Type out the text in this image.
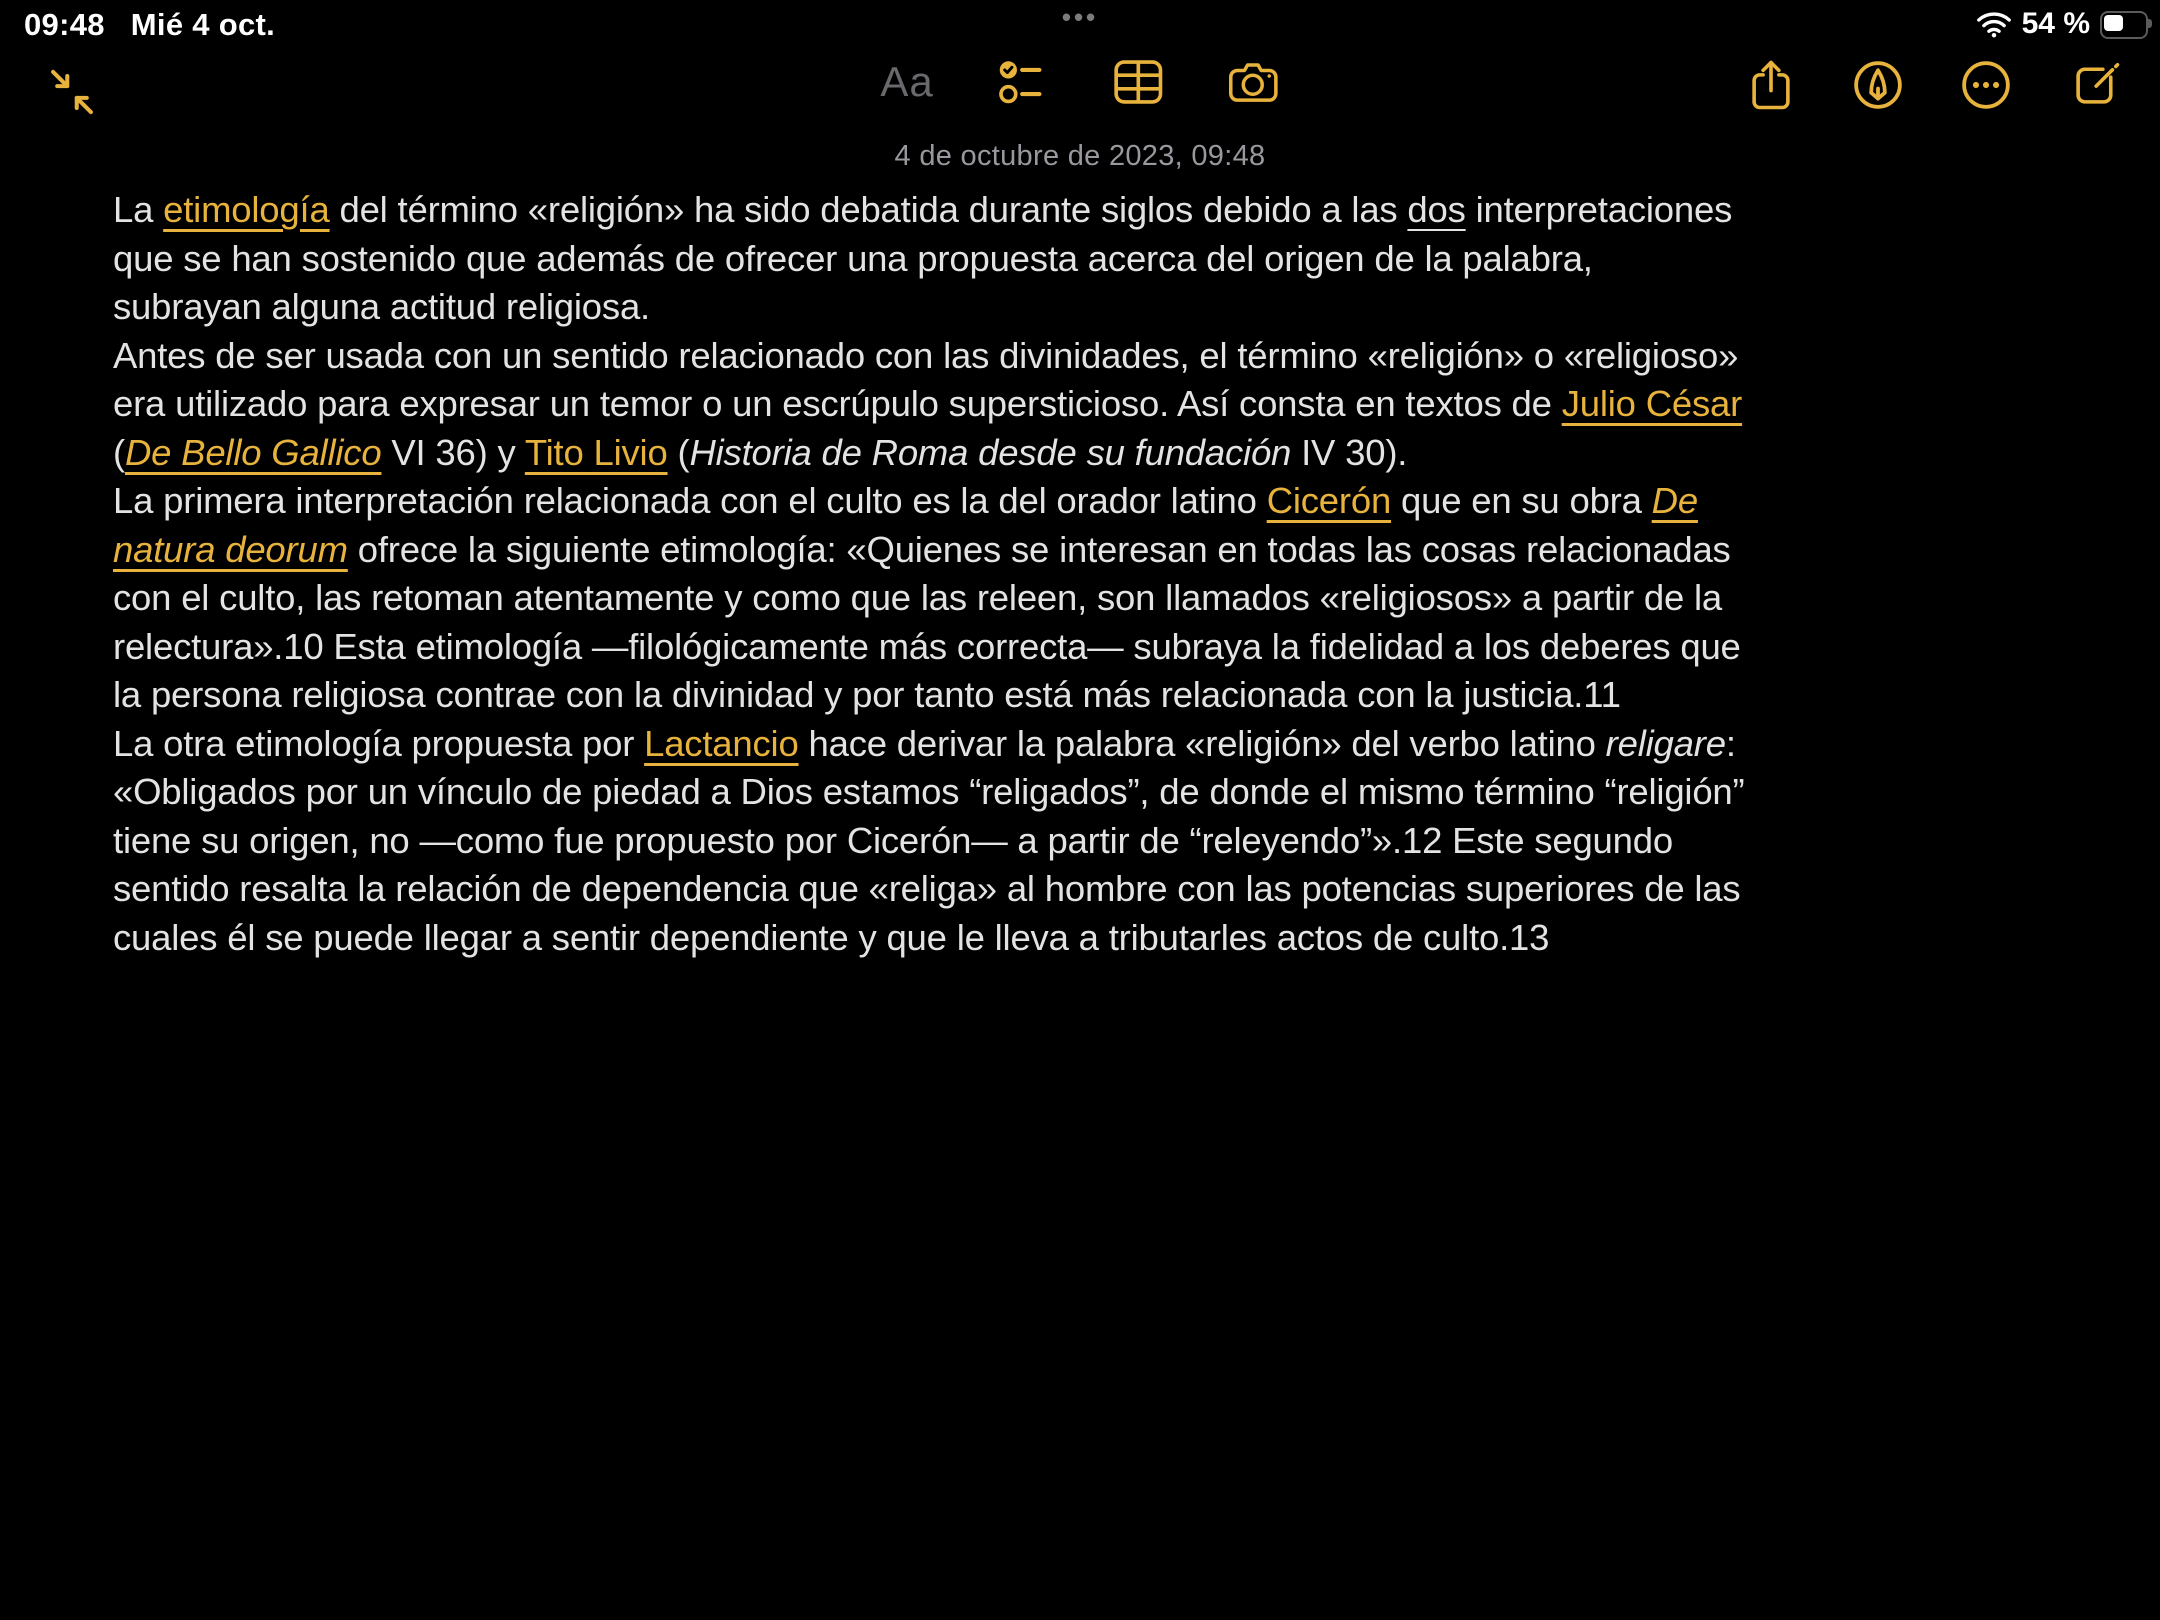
09:48 Mié 4 oct.	•••	54 %
Aa
4 de octubre de 2023, 09:48
La etimología del término «religión» ha sido debatida durante siglos debido a las dos interpretaciones que se han sostenido que además de ofrecer una propuesta acerca del origen de la palabra, subrayan alguna actitud religiosa.
Antes de ser usada con un sentido relacionado con las divinidades, el término «religión» o «religioso» era utilizado para expresar un temor o un escrúpulo supersticioso. Así consta en textos de Julio César (De Bello Gallico VI 36) y Tito Livio (Historia de Roma desde su fundación IV 30).
La primera interpretación relacionada con el culto es la del orador latino Cicerón que en su obra De natura deorum ofrece la siguiente etimología: «Quienes se interesan en todas las cosas relacionadas con el culto, las retoman atentamente y como que las releen, son llamados «religiosos» a partir de la relectura».10 Esta etimología —filológicamente más correcta— subraya la fidelidad a los deberes que la persona religiosa contrae con la divinidad y por tanto está más relacionada con la justicia.11
La otra etimología propuesta por Lactancio hace derivar la palabra «religión» del verbo latino religare: «Obligados por un vínculo de piedad a Dios estamos “religados”, de donde el mismo término “religión” tiene su origen, no —como fue propuesto por Cicerón— a partir de “releyendo”».12 Este segundo sentido resalta la relación de dependencia que «religa» al hombre con las potencias superiores de las cuales él se puede llegar a sentir dependiente y que le lleva a tributarles actos de culto.13
